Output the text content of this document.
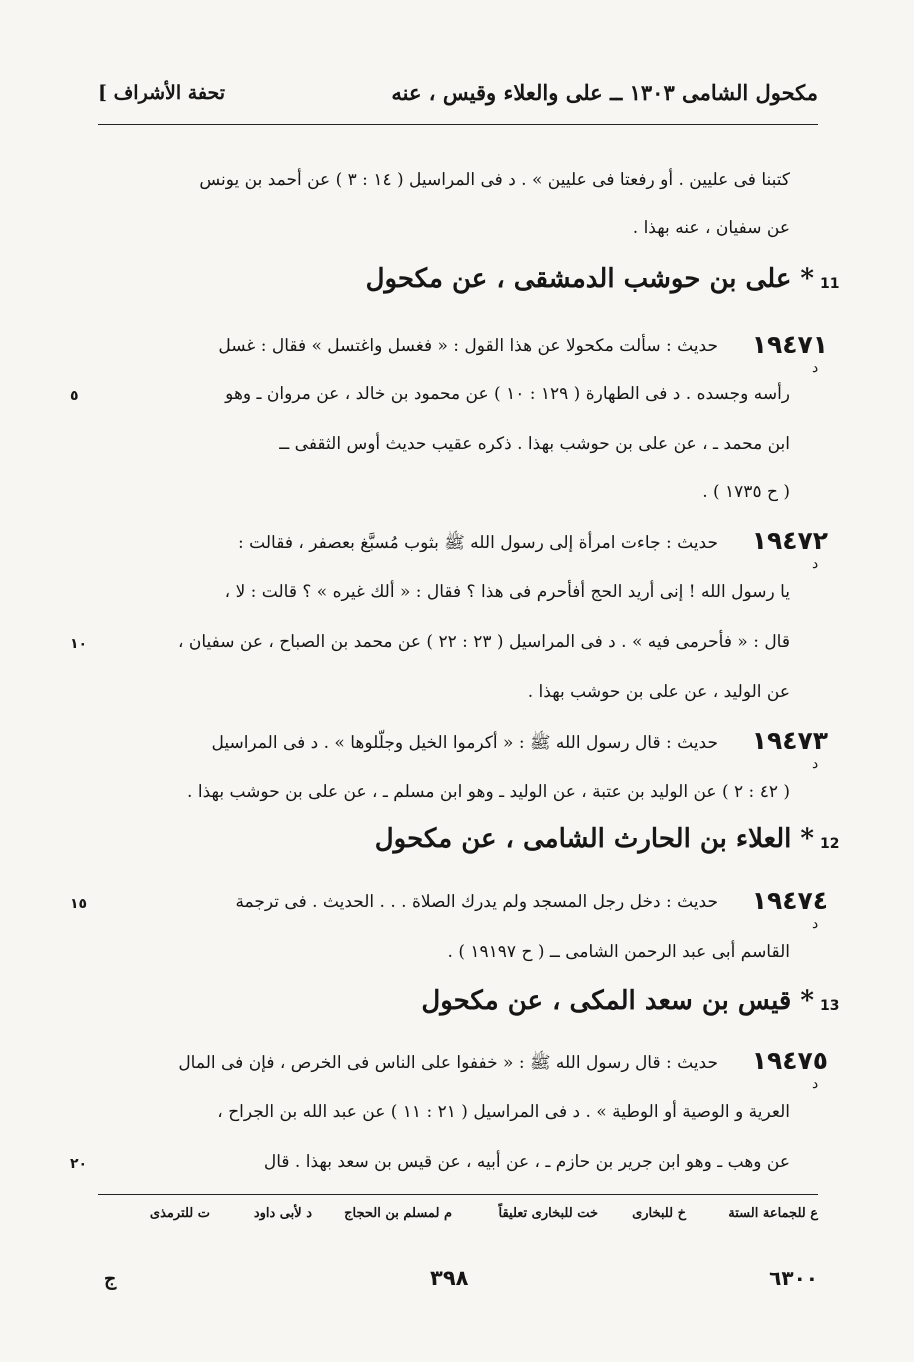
[ تحفة الأشراف	مكحول الشامى ١٣٠٣ ــ على والعلاء وقيس ، عنه
كتبنا فى عليين . أو رفعتا فى عليين » . د فى المراسيل ( ١٤ : ٣ ) عن أحمد بن يونس
عن سفيان ، عنه بهذا .
11
* على بن حوشب الدمشقى ، عن مكحول
١٩٤٧١
د
حديث : سألت مكحولا عن هذا القول : « فغسل واغتسل » فقال : غسل
رأسه وجسده . د فى الطهارة ( ١٢٩ : ١٠ ) عن محمود بن خالد ، عن مروان ـ وهو
٥
ابن محمد ـ ، عن على بن حوشب بهذا . ذكره عقيب حديث أوس الثقفى ــ
( ح ١٧٣٥ ) .
١٩٤٧٢
د
حديث : جاءت امرأة إلى رسول الله ﷺ بثوب مُسبَّغ بعصفر ، فقالت :
يا رسول الله ! إنى أريد الحج أفأحرم فى هذا ؟ فقال : « ألك غيره » ؟ قالت : لا ،
قال : « فأحرمى فيه » . د فى المراسيل ( ٢٣ : ٢٢ ) عن محمد بن الصباح ، عن سفيان ،
١٠
عن الوليد ، عن على بن حوشب بهذا .
١٩٤٧٣
د
حديث : قال رسول الله ﷺ : « أكرموا الخيل وجلّلوها » . د فى المراسيل
( ٤٢ : ٢ ) عن الوليد بن عتبة ، عن الوليد ـ وهو ابن مسلم ـ ، عن على بن حوشب بهذا .
12
* العلاء بن الحارث الشامى ، عن مكحول
١٩٤٧٤
د
حديث : دخل رجل المسجد ولم يدرك الصلاة . . . الحديث . فى ترجمة
١٥
القاسم أبى عبد الرحمن الشامى ــ ( ح ١٩١٩٧ ) .
13
* قيس بن سعد المكى ، عن مكحول
١٩٤٧٥
د
حديث : قال رسول الله ﷺ : « خففوا على الناس فى الخرص ، فإن فى المال
العرية و الوصية أو الوطية » . د فى المراسيل ( ٢١ : ١١ ) عن عبد الله بن الجراح ،
عن وهب ـ وهو ابن جرير بن حازم ـ ، عن أبيه ، عن قيس بن سعد بهذا . قال
٢٠
ع للجماعة الستة
خ للبخارى
خت للبخارى تعليقاً
م لمسلم بن الحجاج
د لأبى داود
ت للترمذى
ج	٣٩٨	٦٣٠٠
